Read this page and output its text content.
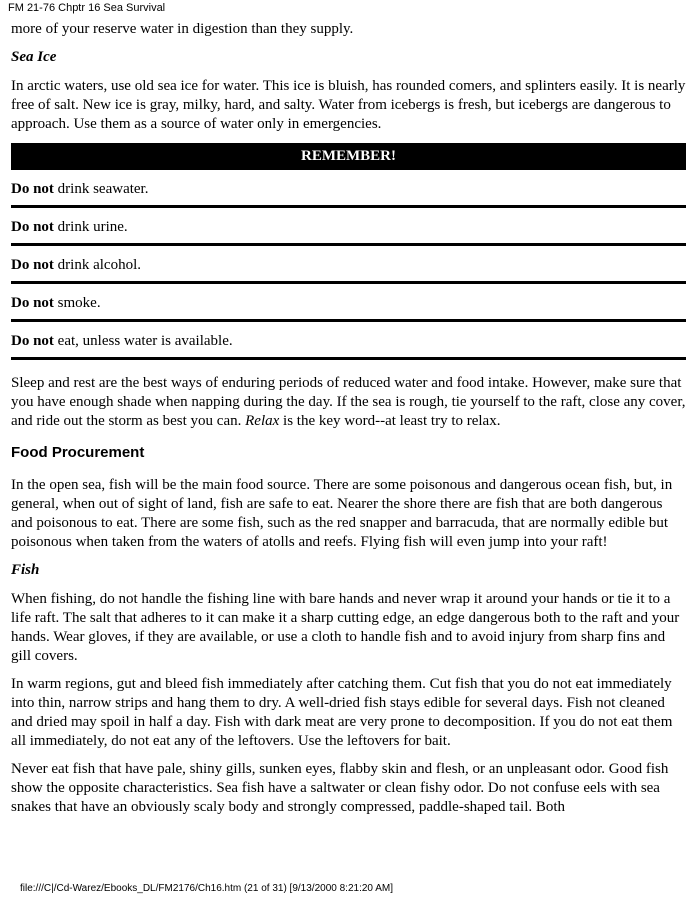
FM 21-76 Chptr 16 Sea Survival

more of your reserve water in digestion than they supply.

Sea Ice

In arctic waters, use old sea ice for water. This ice is bluish, has rounded comers, and splinters easily. It is nearly free of salt. New ice is gray, milky, hard, and salty. Water from icebergs is fresh, but icebergs are dangerous to approach. Use them as a source of water only in emergencies.

REMEMBER!
Do not drink seawater.
Do not drink urine.
Do not drink alcohol.
Do not smoke.
Do not eat, unless water is available.

Sleep and rest are the best ways of enduring periods of reduced water and food intake. However, make sure that you have enough shade when napping during the day. If the sea is rough, tie yourself to the raft, close any cover, and ride out the storm as best you can. Relax is the key word--at least try to relax.

Food Procurement

In the open sea, fish will be the main food source. There are some poisonous and dangerous ocean fish, but, in general, when out of sight of land, fish are safe to eat. Nearer the shore there are fish that are both dangerous and poisonous to eat. There are some fish, such as the red snapper and barracuda, that are normally edible but poisonous when taken from the waters of atolls and reefs. Flying fish will even jump into your raft!

Fish

When fishing, do not handle the fishing line with bare hands and never wrap it around your hands or tie it to a life raft. The salt that adheres to it can make it a sharp cutting edge, an edge dangerous both to the raft and your hands. Wear gloves, if they are available, or use a cloth to handle fish and to avoid injury from sharp fins and gill covers.

In warm regions, gut and bleed fish immediately after catching them. Cut fish that you do not eat immediately into thin, narrow strips and hang them to dry. A well-dried fish stays edible for several days. Fish not cleaned and dried may spoil in half a day. Fish with dark meat are very prone to decomposition. If you do not eat them all immediately, do not eat any of the leftovers. Use the leftovers for bait.

Never eat fish that have pale, shiny gills, sunken eyes, flabby skin and flesh, or an unpleasant odor. Good fish show the opposite characteristics. Sea fish have a saltwater or clean fishy odor. Do not confuse eels with sea snakes that have an obviously scaly body and strongly compressed, paddle-shaped tail. Both

file:///C|/Cd-Warez/Ebooks_DL/FM2176/Ch16.htm (21 of 31) [9/13/2000 8:21:20 AM]
